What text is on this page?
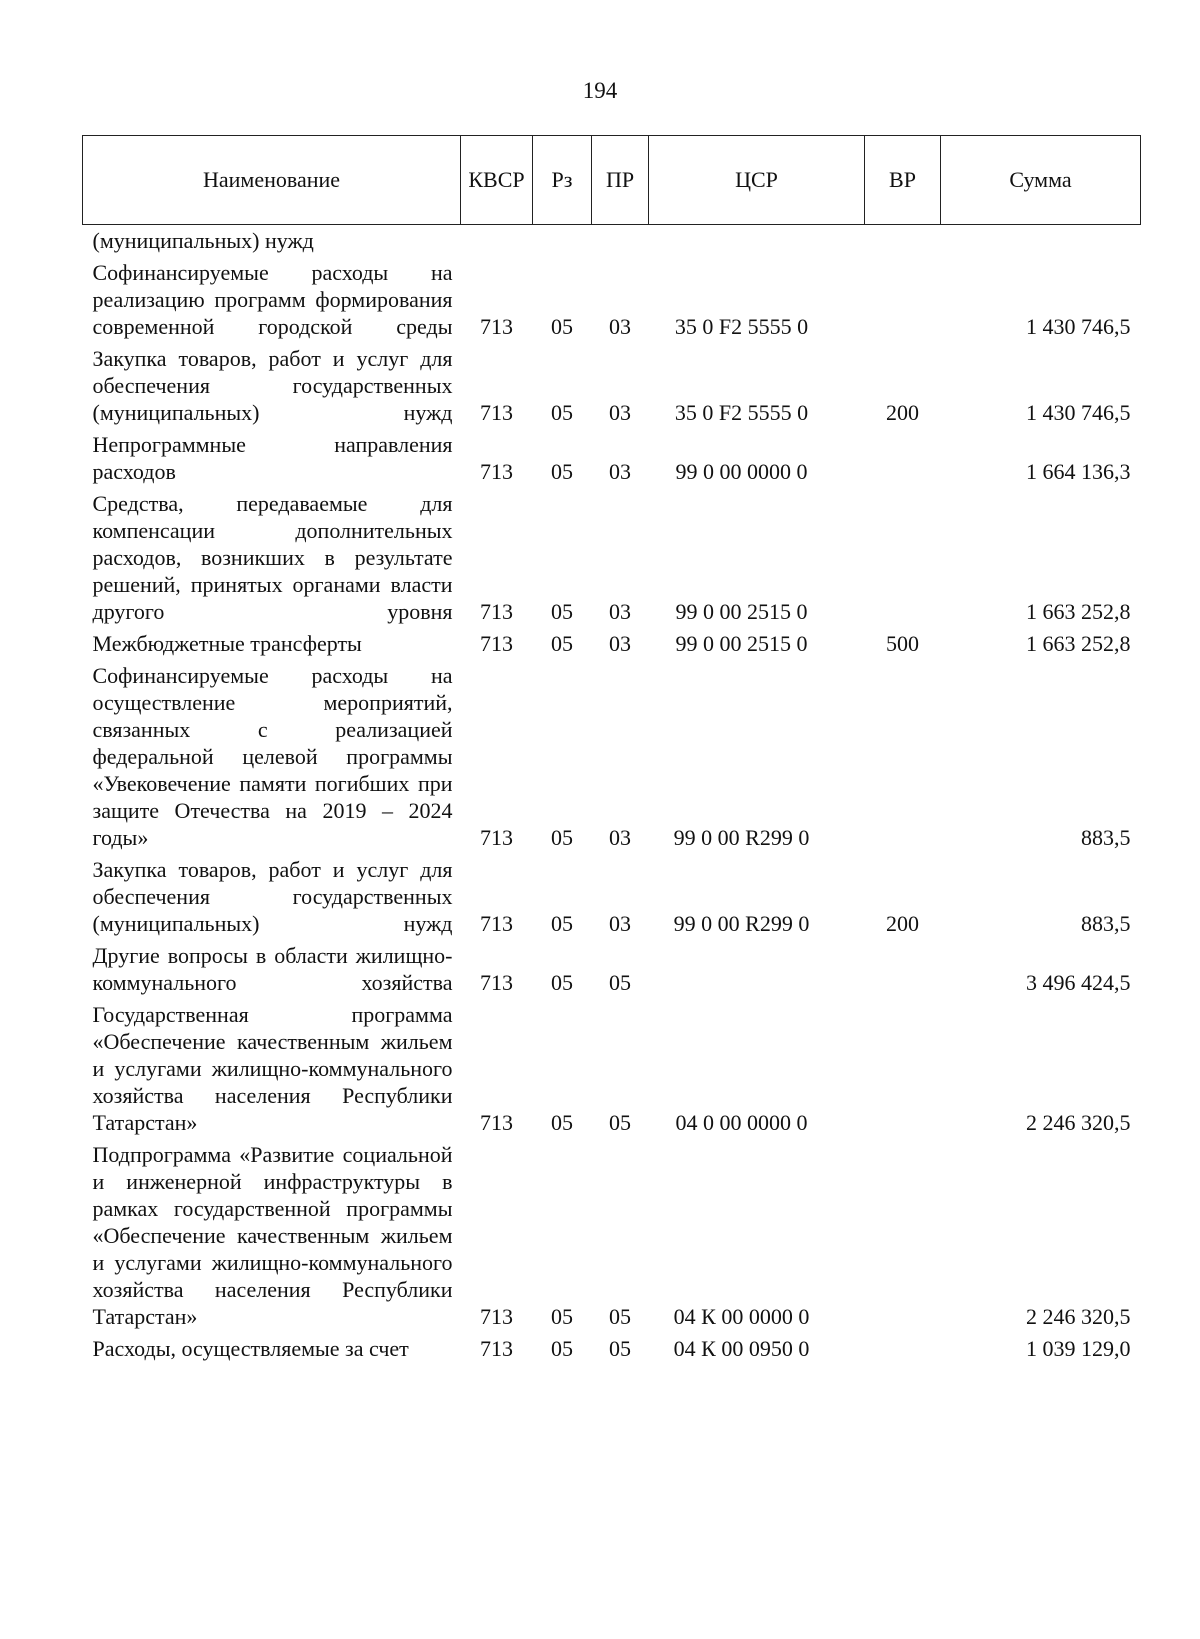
194
Наименование	КВСР	Рз	ПР	ЦСР	ВР	Сумма
(муниципальных) нужд						
Софинансируемые расходы на реализацию программ формирования современной городской среды	713	05	03	35 0 F2 5555 0		1 430 746,5
Закупка товаров, работ и услуг для обеспечения государственных (муниципальных) нужд	713	05	03	35 0 F2 5555 0	200	1 430 746,5
Непрограммные направления расходов	713	05	03	99 0 00 0000 0		1 664 136,3
Средства, передаваемые для компенсации дополнительных расходов, возникших в результате решений, принятых органами власти другого уровня	713	05	03	99 0 00 2515 0		1 663 252,8
Межбюджетные трансферты	713	05	03	99 0 00 2515 0	500	1 663 252,8
Софинансируемые расходы на осуществление мероприятий, связанных с реализацией федеральной целевой программы «Увековечение памяти погибших при защите Отечества на 2019 – 2024 годы»	713	05	03	99 0 00 R299 0		883,5
Закупка товаров, работ и услуг для обеспечения государственных (муниципальных) нужд	713	05	03	99 0 00 R299 0	200	883,5
Другие вопросы в области жилищно-коммунального хозяйства	713	05	05			3 496 424,5
Государственная программа «Обеспечение качественным жильем и услугами жилищно-коммунального хозяйства населения Республики Татарстан»	713	05	05	04 0 00 0000 0		2 246 320,5
Подпрограмма «Развитие социальной и инженерной инфраструктуры в рамках государственной программы «Обеспечение качественным жильем и услугами жилищно-коммунального хозяйства населения Республики Татарстан»	713	05	05	04 К 00 0000 0		2 246 320,5
Расходы, осуществляемые за счет	713	05	05	04 К 00 0950 0		1 039 129,0
